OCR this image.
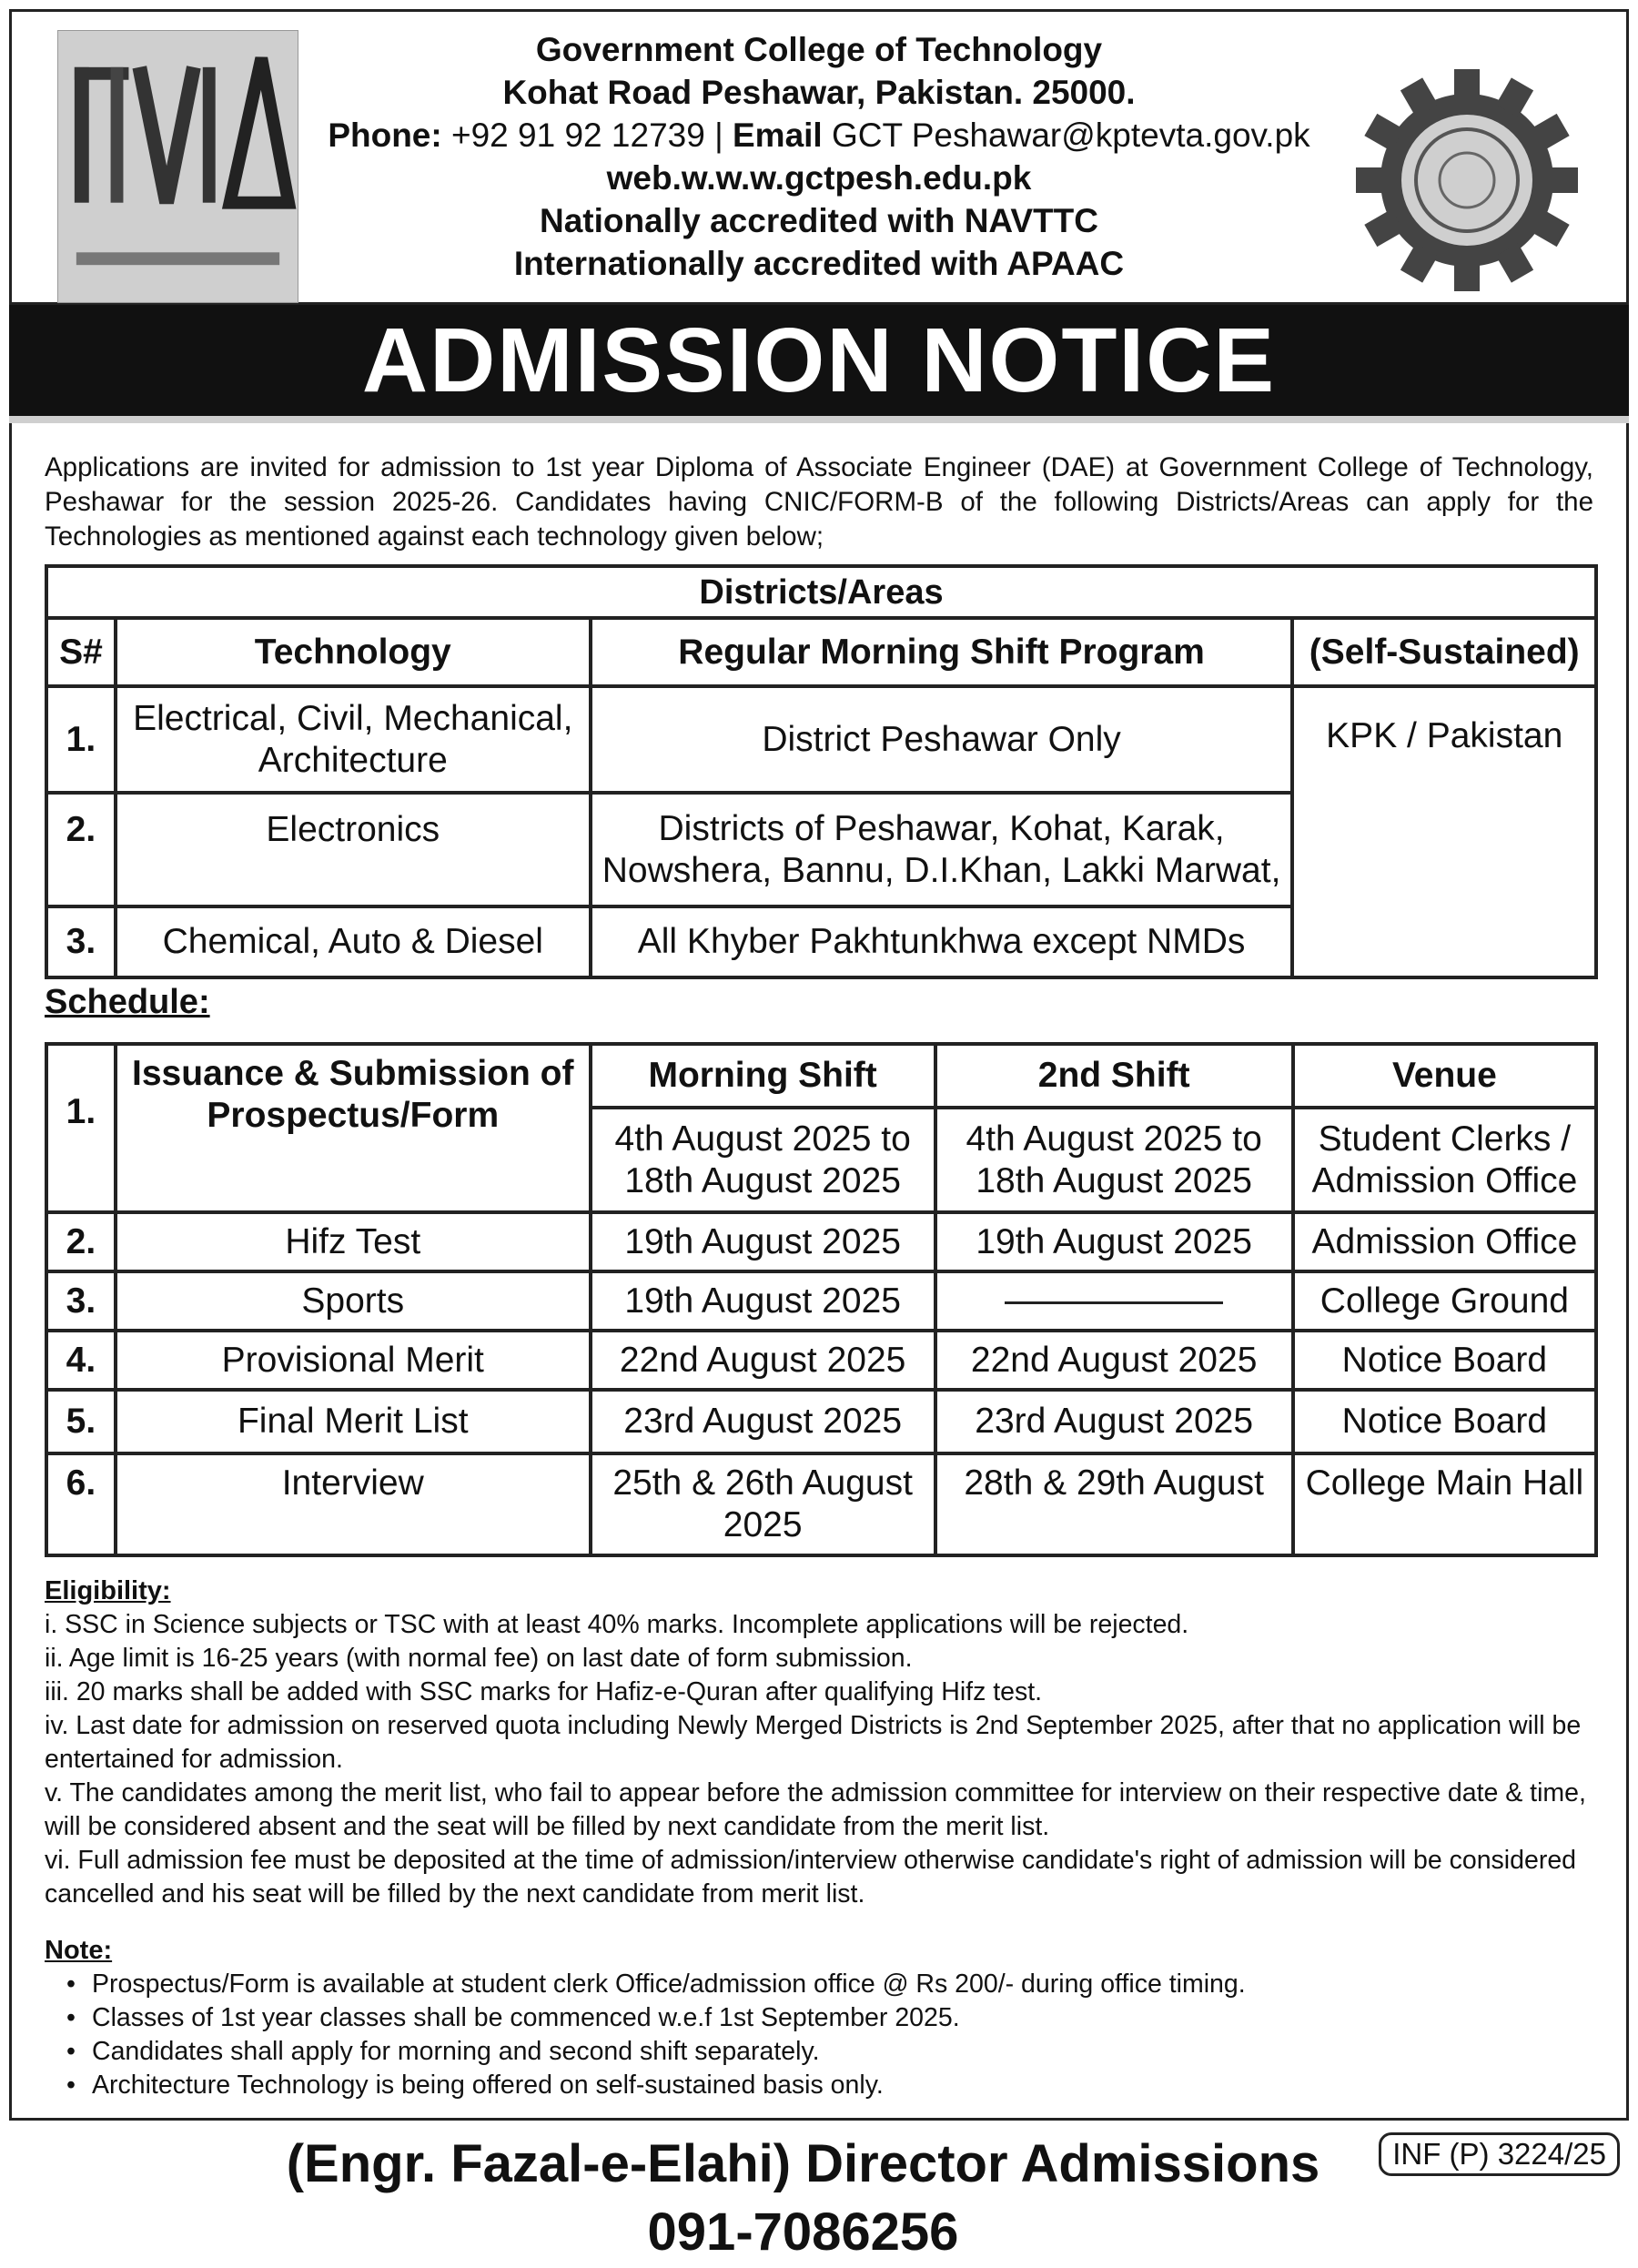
Government College of Technology
Kohat Road Peshawar, Pakistan. 25000.
Phone: +92 91 92 12739 | Email GCT Peshawar@kptevta.gov.pk
web.w.w.w.gctpesh.edu.pk
Nationally accredited with NAVTTC
Internationally accredited with APAAC
ADMISSION NOTICE

Applications are invited for admission to 1st year Diploma of Associate Engineer (DAE) at Government College of Technology, Peshawar for the session 2025-26. Candidates having CNIC/FORM-B of the following Districts/Areas can apply for the Technologies as mentioned against each technology given below;

Districts/Areas			
S#	Technology	Regular Morning Shift Program	(Self-Sustained)
1.	Electrical, Civil, Mechanical, Architecture	District Peshawar Only	KPK / Pakistan
2.	Electronics	Districts of Peshawar, Kohat, Karak, Nowshera, Bannu, D.I.Khan, Lakki Marwat,	
3.	Chemical, Auto & Diesel	All Khyber Pakhtunkhwa except NMDs	
Schedule:
1.	Issuance & Submission of Prospectus/Form	Morning Shift	2nd Shift	Venue
		4th August 2025 to 18th August 2025	4th August 2025 to 18th August 2025	Student Clerks / Admission Office
2.	Hifz Test	19th August 2025	19th August 2025	Admission Office
3.	Sports	19th August 2025		College Ground
4.	Provisional Merit	22nd August 2025	22nd August 2025	Notice Board
5.	Final Merit List	23rd August 2025	23rd August 2025	Notice Board
6.	Interview	25th & 26th August 2025	28th & 29th August	College Main Hall
Eligibility:
i. SSC in Science subjects or TSC with at least 40% marks. Incomplete applications will be rejected.
ii. Age limit is 16-25 years (with normal fee) on last date of form submission.
iii. 20 marks shall be added with SSC marks for Hafiz-e-Quran after qualifying Hifz test.
iv. Last date for admission on reserved quota including Newly Merged Districts is 2nd September 2025, after that no application will be entertained for admission.
v. The candidates among the merit list, who fail to appear before the admission committee for interview on their respective date & time, will be considered absent and the seat will be filled by next candidate from the merit list.
vi. Full admission fee must be deposited at the time of admission/interview otherwise candidate's right of admission will be considered cancelled and his seat will be filled by the next candidate from merit list.
Note:
• Prospectus/Form is available at student clerk Office/admission office @ Rs 200/- during office timing.
• Classes of 1st year classes shall be commenced w.e.f 1st September 2025.
• Candidates shall apply for morning and second shift separately.
• Architecture Technology is being offered on self-sustained basis only.
(Engr. Fazal-e-Elahi) Director Admissions
091-7086256
INF (P) 3224/25
